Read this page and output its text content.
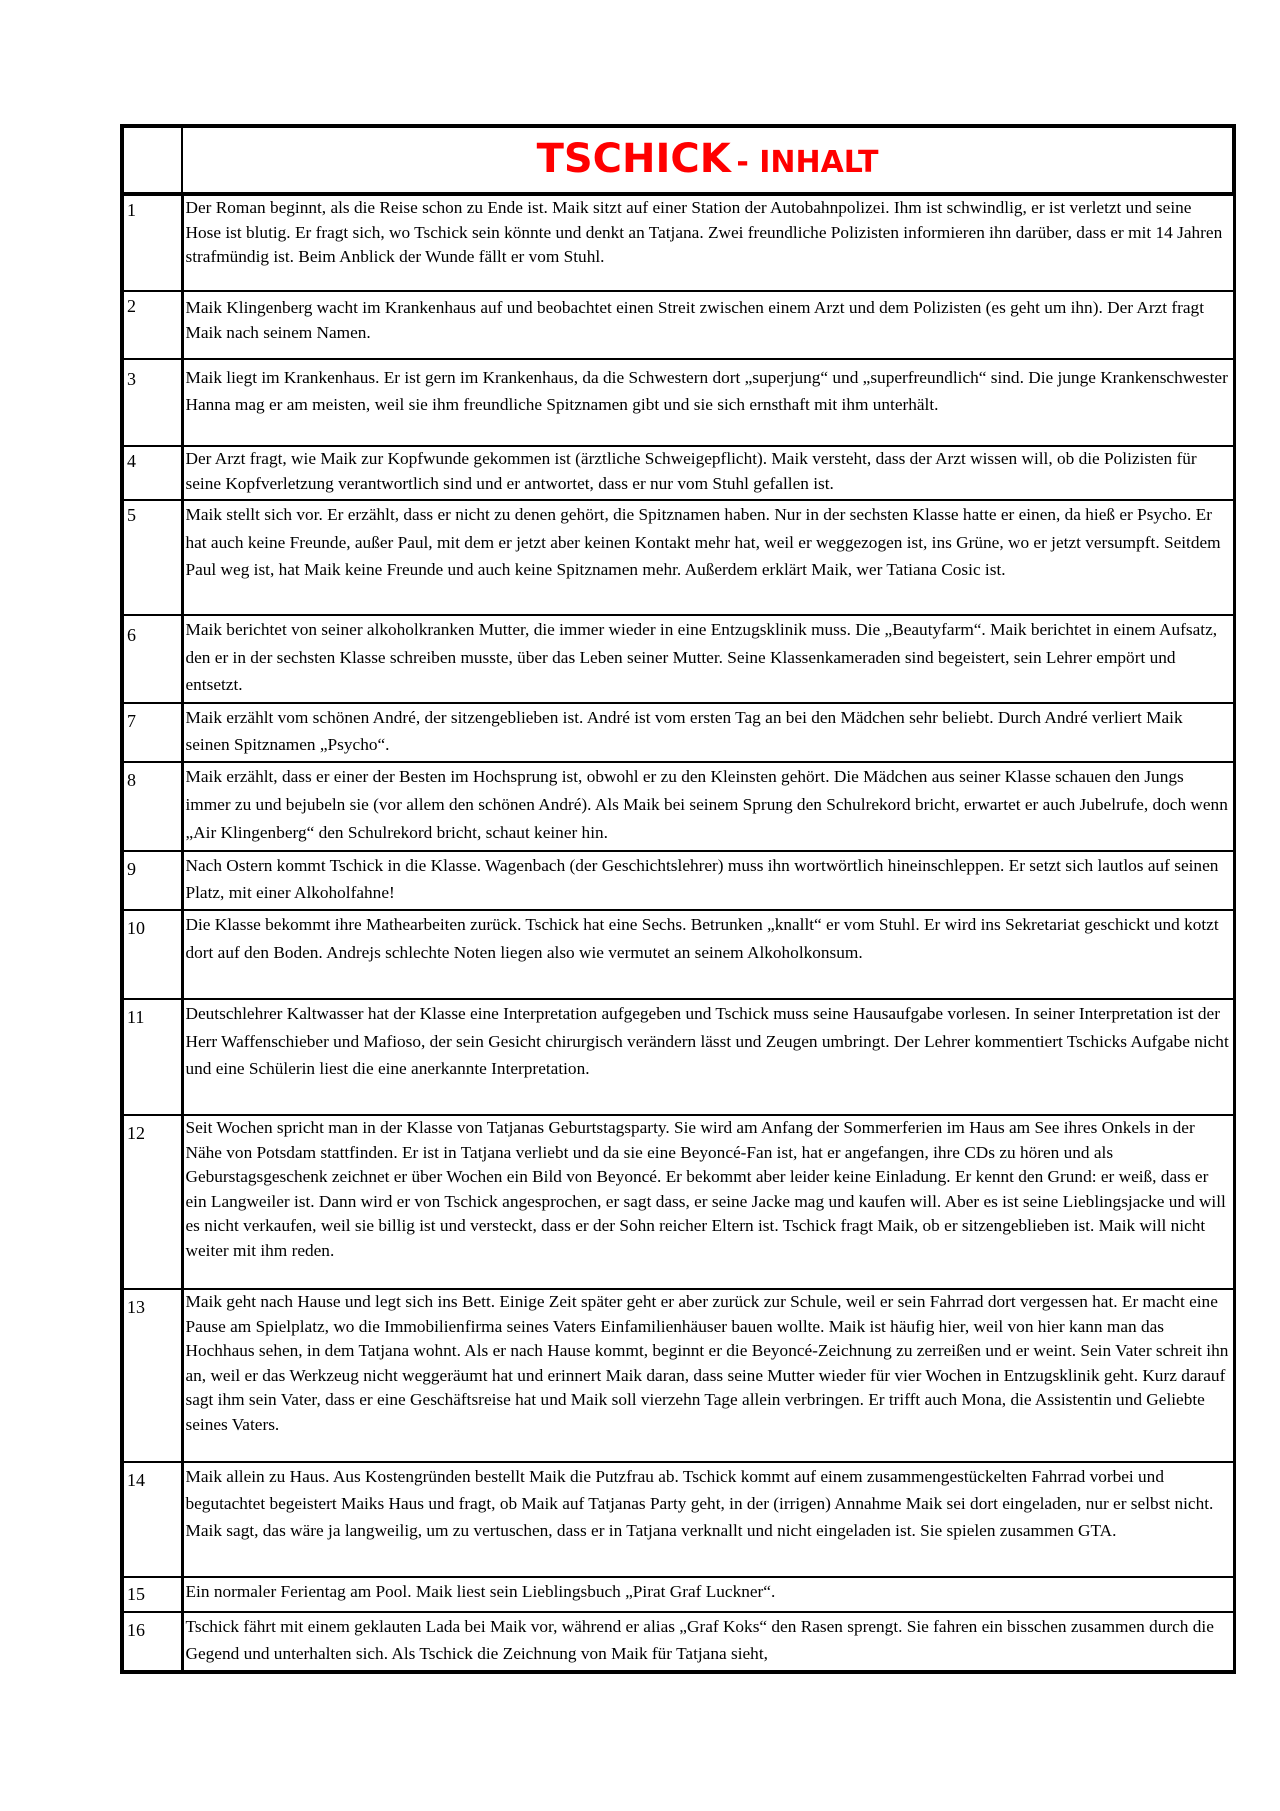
	TSCHICK - INHALT
1	Der Roman beginnt, als die Reise schon zu Ende ist. Maik sitzt auf einer Station der Autobahnpolizei. Ihm ist schwindlig, er ist verletzt und seine Hose ist blutig. Er fragt sich, wo Tschick sein könnte und denkt an Tatjana. Zwei freundliche Polizisten informieren ihn darüber, dass er mit 14 Jahren strafmündig ist. Beim Anblick der Wunde fällt er vom Stuhl.
2	Maik Klingenberg wacht im Krankenhaus auf und beobachtet einen Streit zwischen einem Arzt und dem Polizisten (es geht um ihn). Der Arzt fragt Maik nach seinem Namen.
3	Maik liegt im Krankenhaus. Er ist gern im Krankenhaus, da die Schwestern dort „superjung“ und „superfreundlich“ sind. Die junge Krankenschwester Hanna mag er am meisten, weil sie ihm freundliche Spitznamen gibt und sie sich ernsthaft mit ihm unterhält.
4	Der Arzt fragt, wie Maik zur Kopfwunde gekommen ist (ärztliche Schweigepflicht). Maik versteht, dass der Arzt wissen will, ob die Polizisten für seine Kopfverletzung verantwortlich sind und er antwortet, dass er nur vom Stuhl gefallen ist.
5	Maik stellt sich vor. Er erzählt, dass er nicht zu denen gehört, die Spitznamen haben. Nur in der sechsten Klasse hatte er einen, da hieß er Psycho. Er hat auch keine Freunde, außer Paul, mit dem er jetzt aber keinen Kontakt mehr hat, weil er weggezogen ist, ins Grüne, wo er jetzt versumpft. Seitdem Paul weg ist, hat Maik keine Freunde und auch keine Spitznamen mehr. Außerdem erklärt Maik, wer Tatiana Cosic ist.
6	Maik berichtet von seiner alkoholkranken Mutter, die immer wieder in eine Entzugsklinik muss. Die „Beautyfarm“. Maik berichtet in einem Aufsatz, den er in der sechsten Klasse schreiben musste, über das Leben seiner Mutter. Seine Klassenkameraden sind begeistert, sein Lehrer empört und entsetzt.
7	Maik erzählt vom schönen André, der sitzengeblieben ist. André ist vom ersten Tag an bei den Mädchen sehr beliebt. Durch André verliert Maik seinen Spitznamen „Psycho“.
8	Maik erzählt, dass er einer der Besten im Hochsprung ist, obwohl er zu den Kleinsten gehört. Die Mädchen aus seiner Klasse schauen den Jungs immer zu und bejubeln sie (vor allem den schönen André). Als Maik bei seinem Sprung den Schulrekord bricht, erwartet er auch Jubelrufe, doch wenn „Air Klingenberg“ den Schulrekord bricht, schaut keiner hin.
9	Nach Ostern kommt Tschick in die Klasse. Wagenbach (der Geschichtslehrer) muss ihn wortwörtlich hineinschleppen. Er setzt sich lautlos auf seinen Platz, mit einer Alkoholfahne!
10	Die Klasse bekommt ihre Mathearbeiten zurück. Tschick hat eine Sechs. Betrunken „knallt“ er vom Stuhl. Er wird ins Sekretariat geschickt und kotzt dort auf den Boden. Andrejs schlechte Noten liegen also wie vermutet an seinem Alkoholkonsum.
11	Deutschlehrer Kaltwasser hat der Klasse eine Interpretation aufgegeben und Tschick muss seine Hausaufgabe vorlesen. In seiner Interpretation ist der Herr Waffenschieber und Mafioso, der sein Gesicht chirurgisch verändern lässt und Zeugen umbringt. Der Lehrer kommentiert Tschicks Aufgabe nicht und eine Schülerin liest die eine anerkannte Interpretation.
12	Seit Wochen spricht man in der Klasse von Tatjanas Geburtstagsparty. Sie wird am Anfang der Sommerferien im Haus am See ihres Onkels in der Nähe von Potsdam stattfinden. Er ist in Tatjana verliebt und da sie eine Beyoncé-Fan ist, hat er angefangen, ihre CDs zu hören und als Geburstagsgeschenk zeichnet er über Wochen ein Bild von Beyoncé. Er bekommt aber leider keine Einladung. Er kennt den Grund: er weiß, dass er ein Langweiler ist. Dann wird er von Tschick angesprochen, er sagt dass, er seine Jacke mag und kaufen will. Aber es ist seine Lieblingsjacke und will es nicht verkaufen, weil sie billig ist und versteckt, dass er der Sohn reicher Eltern ist. Tschick fragt Maik, ob er sitzengeblieben ist. Maik will nicht weiter mit ihm reden.
13	Maik geht nach Hause und legt sich ins Bett. Einige Zeit später geht er aber zurück zur Schule, weil er sein Fahrrad dort vergessen hat. Er macht eine Pause am Spielplatz, wo die Immobilienfirma seines Vaters Einfamilienhäuser bauen wollte. Maik ist häufig hier, weil von hier kann man das Hochhaus sehen, in dem Tatjana wohnt. Als er nach Hause kommt, beginnt er die Beyoncé-Zeichnung zu zerreißen und er weint. Sein Vater schreit ihn an, weil er das Werkzeug nicht weggeräumt hat und erinnert Maik daran, dass seine Mutter wieder für vier Wochen in Entzugsklinik geht. Kurz darauf sagt ihm sein Vater, dass er eine Geschäftsreise hat und Maik soll vierzehn Tage allein verbringen. Er trifft auch Mona, die Assistentin und Geliebte seines Vaters.
14	Maik allein zu Haus. Aus Kostengründen bestellt Maik die Putzfrau ab. Tschick kommt auf einem zusammengestückelten Fahrrad vorbei und begutachtet begeistert Maiks Haus und fragt, ob Maik auf Tatjanas Party geht, in der (irrigen) Annahme Maik sei dort eingeladen, nur er selbst nicht. Maik sagt, das wäre ja langweilig, um zu vertuschen, dass er in Tatjana verknallt und nicht eingeladen ist. Sie spielen zusammen GTA.
15	Ein normaler Ferientag am Pool. Maik liest sein Lieblingsbuch „Pirat Graf Luckner“.
16	Tschick fährt mit einem geklauten Lada bei Maik vor, während er alias „Graf Koks“ den Rasen sprengt. Sie fahren ein bisschen zusammen durch die Gegend und unterhalten sich. Als Tschick die Zeichnung von Maik für Tatjana sieht,
